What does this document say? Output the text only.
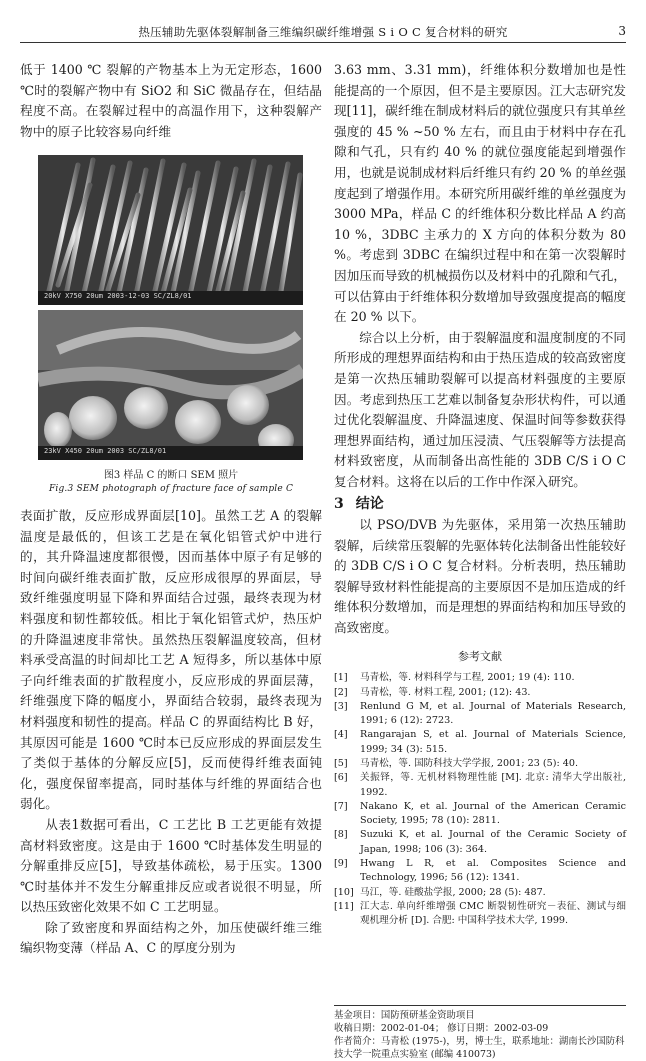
热压辅助先驱体裂解制备三维编织碳纤维增强 S i O C 复合材料的研究	3

低于 1400 ℃ 裂解的产物基本上为无定形态，1600 ℃时的裂解产物中有 SiO2 和 SiC 微晶存在，但结晶程度不高。在裂解过程中的高温作用下，这种裂解产物中的原子比较容易向纤维

20kV X750 20um 2003-12-03 SC/ZL8/01
23kV X450 20um 2003 SC/ZL8/01
图3 样品 C 的断口 SEM 照片
Fig.3 SEM photograph of fracture face of sample C

表面扩散，反应形成界面层[10]。虽然工艺 A 的裂解温度是最低的，但该工艺是在氧化铝管式炉中进行的，其升降温速度都很慢，因而基体中原子有足够的时间向碳纤维表面扩散，反应形成很厚的界面层，导致纤维强度明显下降和界面结合过强，最终表现为材料强度和韧性都较低。相比于氧化铝管式炉，热压炉的升降温速度非常快。虽然热压裂解温度较高，但材料承受高温的时间却比工艺 A 短得多，所以基体中原子向纤维表面的扩散程度小，反应形成的界面层薄，纤维强度下降的幅度小，界面结合较弱，最终表现为材料强度和韧性的提高。样品 C 的界面结构比 B 好，其原因可能是 1600 ℃时本已反应形成的界面层发生了类似于基体的分解反应[5]，反而使得纤维表面钝化，强度保留率提高，同时基体与纤维的界面结合也弱化。

从表1数据可看出，C 工艺比 B 工艺更能有效提高材料致密度。这是由于 1600 ℃时基体发生明显的分解重排反应[5]，导致基体疏松，易于压实。1300 ℃时基体并不发生分解重排反应或者说很不明显，所以热压致密化效果不如 C 工艺明显。

除了致密度和界面结构之外，加压使碳纤维三维编织物变薄（样品 A、C 的厚度分别为

3.63 mm、3.31 mm)，纤维体积分数增加也是性能提高的一个原因，但不是主要原因。江大志研究发现[11]，碳纤维在制成材料后的就位强度只有其单丝强度的 45 % ~50 % 左右，而且由于材料中存在孔隙和气孔，只有约 40 % 的就位强度能起到增强作用，也就是说制成材料后纤维只有约 20 % 的单丝强度起到了增强作用。本研究所用碳纤维的单丝强度为 3000 MPa，样品 C 的纤维体积分数比样品 A 约高 10 %，3DBC 主承力的 X 方向的体积分数为 80 %。考虑到 3DBC 在编织过程中和在第一次裂解时因加压而导致的机械损伤以及材料中的孔隙和气孔，可以估算由于纤维体积分数增加导致强度提高的幅度在 20 % 以下。

综合以上分析，由于裂解温度和温度制度的不同所形成的理想界面结构和由于热压造成的较高致密度是第一次热压辅助裂解可以提高材料强度的主要原因。考虑到热压工艺难以制备复杂形状构件，可以通过优化裂解温度、升降温速度、保温时间等参数获得理想界面结构，通过加压浸渍、气压裂解等方法提高材料致密度，从而制备出高性能的 3DB C/S i O C 复合材料。这将在以后的工作中作深入研究。

3 结论

以 PSO/DVB 为先驱体，采用第一次热压辅助裂解，后续常压裂解的先驱体转化法制备出性能较好的 3DB C/S i O C 复合材料。分析表明，热压辅助裂解导致材料性能提高的主要原因不是加压造成的纤维体积分数增加，而是理想的界面结构和加压导致的高致密度。

参考文献
[1]	马青松，等. 材料科学与工程, 2001; 19 (4): 110.
[2]	马青松，等. 材料工程, 2001; (12): 43.
[3]	Renlund G M, et al. Journal of Materials Research, 1991; 6 (12): 2723.
[4]	Rangarajan S, et al. Journal of Materials Science, 1999; 34 (3): 515.
[5]	马青松，等. 国防科技大学学报, 2001; 23 (5): 40.
[6]	关振铎，等. 无机材料物理性能 [M]. 北京: 清华大学出版社, 1992.
[7]	Nakano K, et al. Journal of the American Ceramic Society, 1995; 78 (10): 2811.
[8]	Suzuki K, et al. Journal of the Ceramic Society of Japan, 1998; 106 (3): 364.
[9]	Hwang L R, et al. Composites Science and Technology, 1996; 56 (12): 1341.
[10] 马江，等. 硅酸盐学报, 2000; 28 (5): 487.
[11] 江大志. 单向纤维增强 CMC 断裂韧性研究－表征、测试与细观机理分析 [D]. 合肥: 中国科学技术大学, 1999.
基金项目：国防预研基金资助项目
收稿日期：2002-01-04； 修订日期：2002-03-09
作者简介：马青松 (1975-)，男，博士生，联系地址：湖南长沙国防科技大学一院重点实验室 (邮编 410073)
